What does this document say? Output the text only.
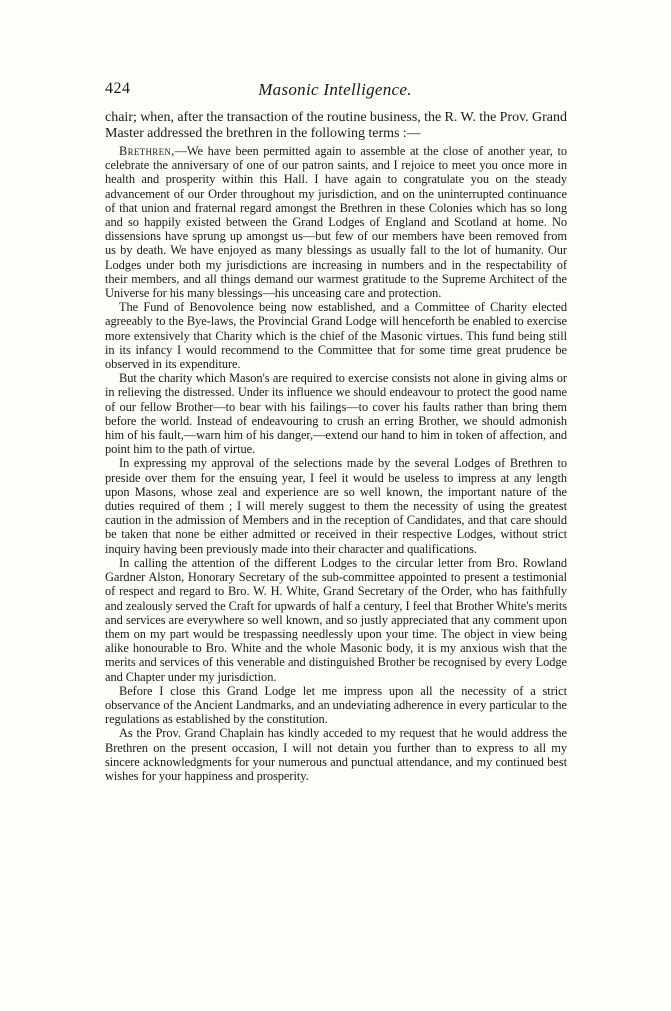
424	Masonic Intelligence.

chair; when, after the transaction of the routine business, the R. W. the Prov. Grand Master addressed the brethren in the following terms :—

Brethren,—We have been permitted again to assemble at the close of another year, to celebrate the anniversary of one of our patron saints, and I rejoice to meet you once more in health and prosperity within this Hall. I have again to congratulate you on the steady advancement of our Order throughout my jurisdiction, and on the uninterrupted continuance of that union and fraternal regard amongst the Brethren in these Colonies which has so long and so happily existed between the Grand Lodges of England and Scotland at home. No dissensions have sprung up amongst us—but few of our members have been removed from us by death. We have enjoyed as many blessings as usually fall to the lot of humanity. Our Lodges under both my jurisdictions are increasing in numbers and in the respectability of their members, and all things demand our warmest gratitude to the Supreme Architect of the Universe for his many blessings—his unceasing care and protection.

The Fund of Benovolence being now established, and a Committee of Charity elected agreeably to the Bye-laws, the Provincial Grand Lodge will henceforth be enabled to exercise more extensively that Charity which is the chief of the Masonic virtues. This fund being still in its infancy I would recommend to the Committee that for some time great prudence be observed in its expenditure.

But the charity which Mason's are required to exercise consists not alone in giving alms or in relieving the distressed. Under its influence we should endeavour to protect the good name of our fellow Brother—to bear with his failings—to cover his faults rather than bring them before the world. Instead of endeavouring to crush an erring Brother, we should admonish him of his fault,—warn him of his danger,—extend our hand to him in token of affection, and point him to the path of virtue.

In expressing my approval of the selections made by the several Lodges of Brethren to preside over them for the ensuing year, I feel it would be useless to impress at any length upon Masons, whose zeal and experience are so well known, the important nature of the duties required of them ; I will merely suggest to them the necessity of using the greatest caution in the admission of Members and in the reception of Candidates, and that care should be taken that none be either admitted or received in their respective Lodges, without strict inquiry having been previously made into their character and qualifications.

In calling the attention of the different Lodges to the circular letter from Bro. Rowland Gardner Alston, Honorary Secretary of the sub-committee appointed to present a testimonial of respect and regard to Bro. W. H. White, Grand Secretary of the Order, who has faithfully and zealously served the Craft for upwards of half a century, I feel that Brother White's merits and services are everywhere so well known, and so justly appreciated that any comment upon them on my part would be trespassing needlessly upon your time. The object in view being alike honourable to Bro. White and the whole Masonic body, it is my anxious wish that the merits and services of this venerable and distinguished Brother be recognised by every Lodge and Chapter under my jurisdiction.

Before I close this Grand Lodge let me impress upon all the necessity of a strict observance of the Ancient Landmarks, and an undeviating adherence in every particular to the regulations as established by the constitution.

As the Prov. Grand Chaplain has kindly acceded to my request that he would address the Brethren on the present occasion, I will not detain you further than to express to all my sincere acknowledgments for your numerous and punctual attendance, and my continued best wishes for your happiness and prosperity.
